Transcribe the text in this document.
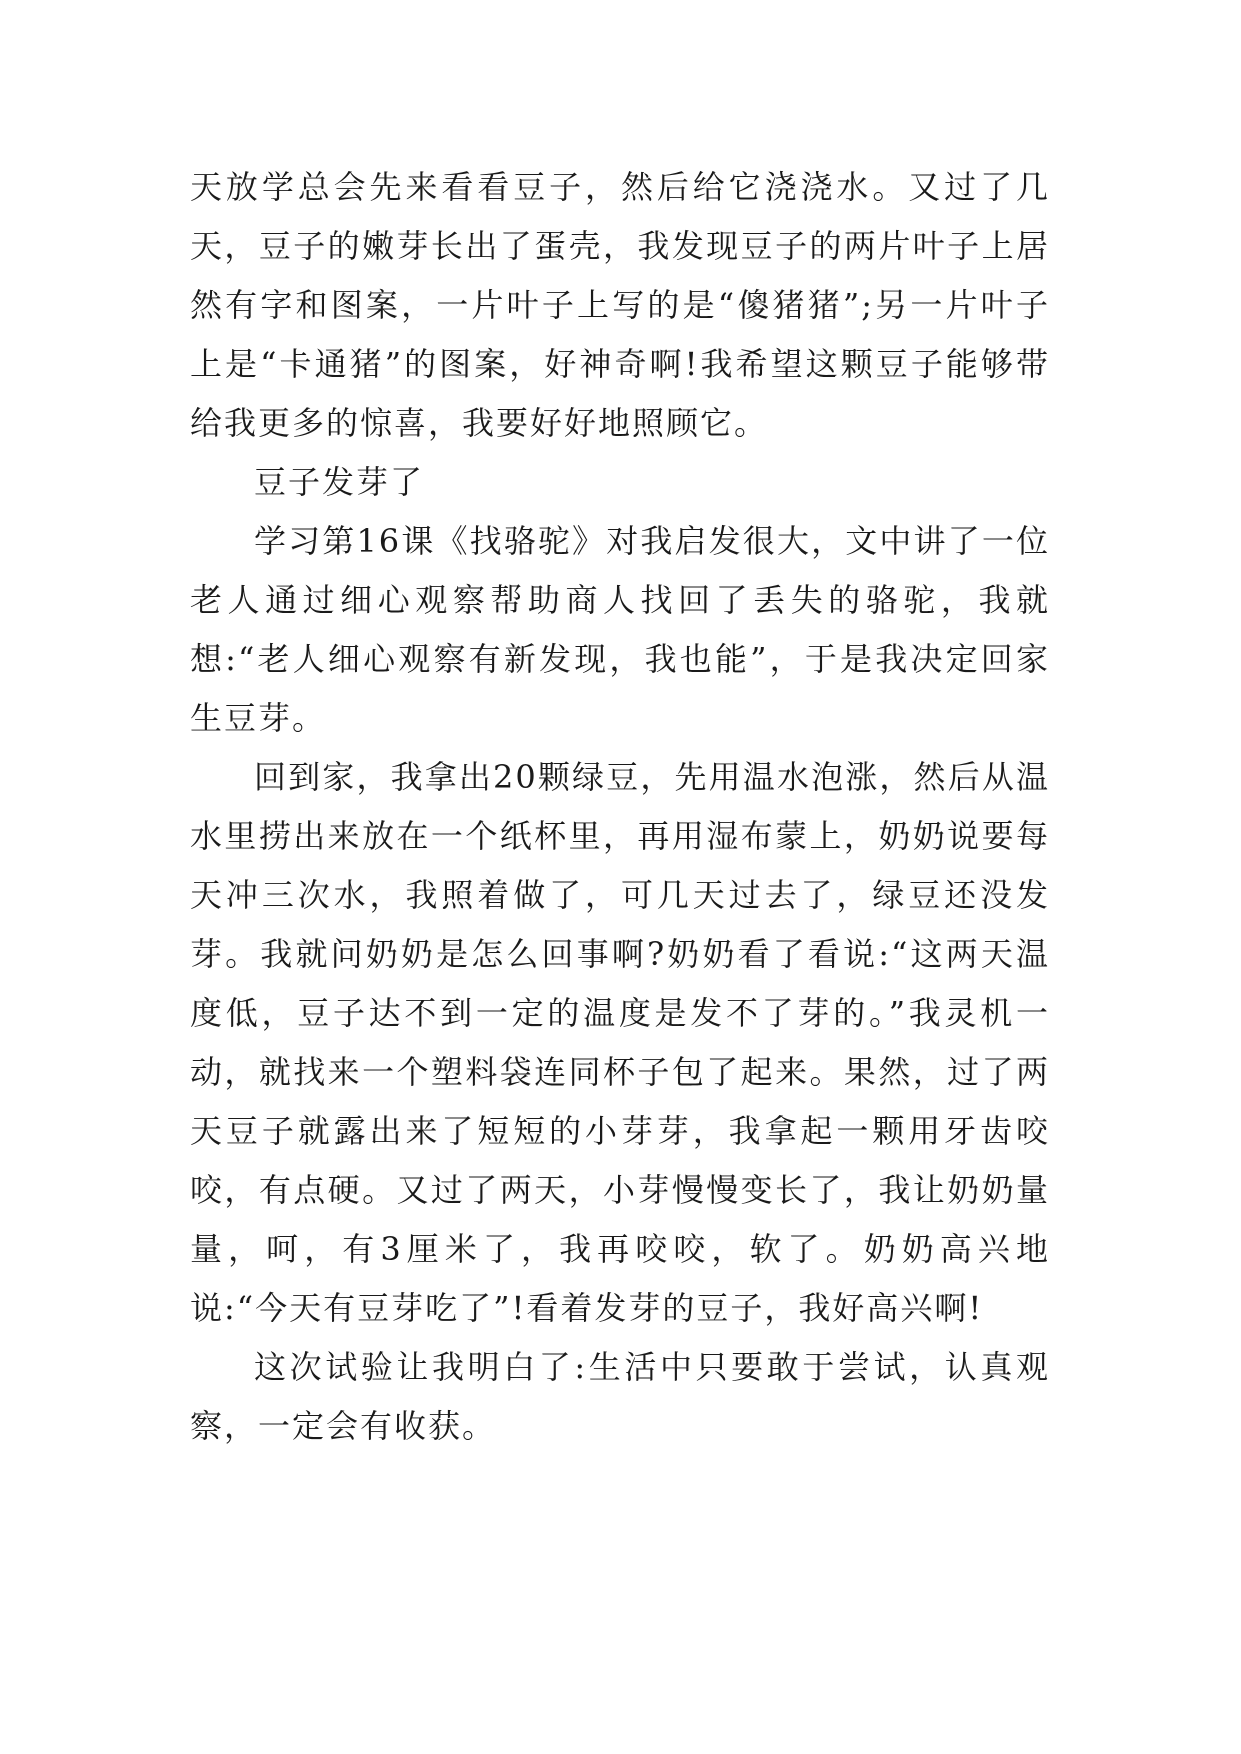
天放学总会先来看看豆子，然后给它浇浇水。又过了几天，豆子的嫩芽长出了蛋壳，我发现豆子的两片叶子上居然有字和图案，一片叶子上写的是“傻猪猪”;另一片叶子上是“卡通猪”的图案，好神奇啊!我希望这颗豆子能够带给我更多的惊喜，我要好好地照顾它。

豆子发芽了

学习第16课《找骆驼》对我启发很大，文中讲了一位老人通过细心观察帮助商人找回了丢失的骆驼，我就想:“老人细心观察有新发现，我也能”，于是我决定回家生豆芽。

回到家，我拿出20颗绿豆，先用温水泡涨，然后从温水里捞出来放在一个纸杯里，再用湿布蒙上，奶奶说要每天冲三次水，我照着做了，可几天过去了，绿豆还没发芽。我就问奶奶是怎么回事啊?奶奶看了看说:“这两天温度低，豆子达不到一定的温度是发不了芽的。”我灵机一动，就找来一个塑料袋连同杯子包了起来。果然，过了两天豆子就露出来了短短的小芽芽，我拿起一颗用牙齿咬咬，有点硬。又过了两天，小芽慢慢变长了，我让奶奶量量，呵，有3厘米了，我再咬咬，软了。奶奶高兴地说:“今天有豆芽吃了”!看着发芽的豆子，我好高兴啊!

这次试验让我明白了:生活中只要敢于尝试，认真观察，一定会有收获。
